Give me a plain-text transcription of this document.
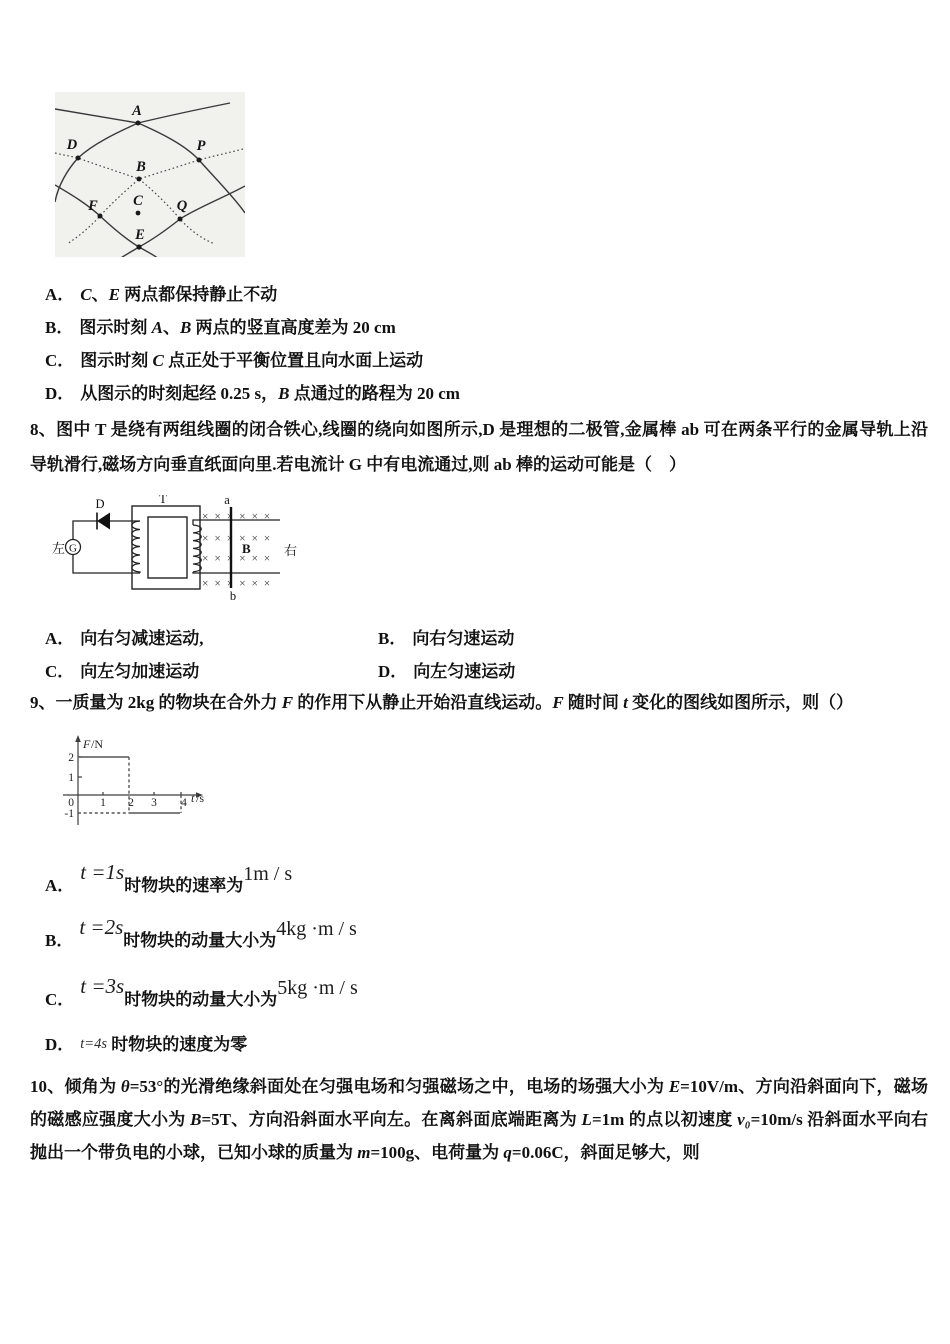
A
D	P
B
C
F	Q
E
A． C、E 两点都保持静止不动
B． 图示时刻 A、B 两点的竖直高度差为 20 cm
C． 图示时刻 C 点正处于平衡位置且向水面上运动
D． 从图示的时刻起经 0.25 s，B 点通过的路程为 20 cm
8、图中 T 是绕有两组线圈的闭合铁心,线圈的绕向如图所示,D 是理想的二极管,金属棒 ab 可在两条平行的金属导轨上沿导轨滑行,磁场方向垂直纸面向里.若电流计 G 中有电流通过,则 ab 棒的运动可能是（　）
G
左
D	T
× × × × × ×
× × × × × ×
× × × × × ×
× × × × × ×
B
a
b
右
A． 向右匀减速运动,	B． 向右匀速运动
C． 向左匀加速运动	D． 向左匀速运动
9、一质量为 2kg 的物块在合外力 F 的作用下从静止开始沿直线运动。F 随时间 t 变化的图线如图所示，则（）
2
1
0
-1
1 2 3 4
F /N
t /s
A．t =1s时物块的速率为1m / s
B．t =2s时物块的动量大小为4kg ·m / s
C．t =3s时物块的动量大小为5kg ·m / s
D． t=4s 时物块的速度为零
10、倾角为 θ=53°的光滑绝缘斜面处在匀强电场和匀强磁场之中，电场的场强大小为 E=10V/m、方向沿斜面向下，磁场的磁感应强度大小为 B=5T、方向沿斜面水平向左。在离斜面底端距离为 L=1m 的点以初速度 v₀=10m/s 沿斜面水平向右抛出一个带负电的小球，已知小球的质量为 m=100g、电荷量为 q=0.06C，斜面足够大，则
